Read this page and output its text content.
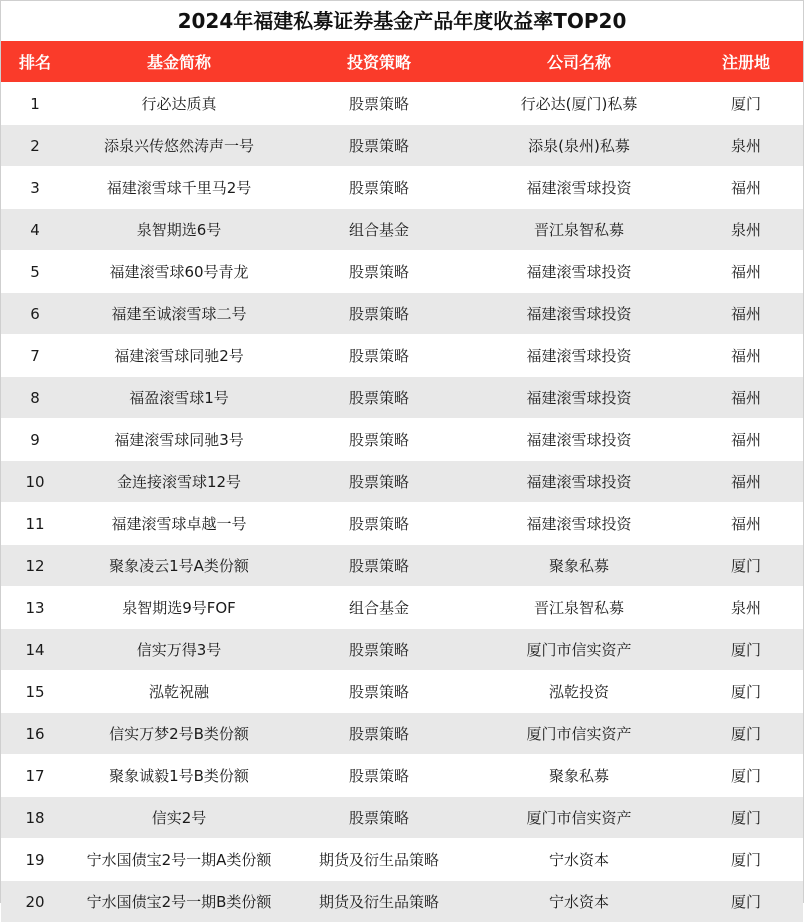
2024年福建私募证券基金产品年度收益率TOP20
排名	基金简称	投资策略	公司名称	注册地
1	行必达质真	股票策略	行必达(厦门)私募	厦门
2	添泉兴传悠然涛声一号	股票策略	添泉(泉州)私募	泉州
3	福建滚雪球千里马2号	股票策略	福建滚雪球投资	福州
4	泉智期选6号	组合基金	晋江泉智私募	泉州
5	福建滚雪球60号青龙	股票策略	福建滚雪球投资	福州
6	福建至诚滚雪球二号	股票策略	福建滚雪球投资	福州
7	福建滚雪球同驰2号	股票策略	福建滚雪球投资	福州
8	福盈滚雪球1号	股票策略	福建滚雪球投资	福州
9	福建滚雪球同驰3号	股票策略	福建滚雪球投资	福州
10	金连接滚雪球12号	股票策略	福建滚雪球投资	福州
11	福建滚雪球卓越一号	股票策略	福建滚雪球投资	福州
12	聚象凌云1号A类份额	股票策略	聚象私募	厦门
13	泉智期选9号FOF	组合基金	晋江泉智私募	泉州
14	信实万得3号	股票策略	厦门市信实资产	厦门
15	泓乾祝融	股票策略	泓乾投资	厦门
16	信实万梦2号B类份额	股票策略	厦门市信实资产	厦门
17	聚象诚毅1号B类份额	股票策略	聚象私募	厦门
18	信实2号	股票策略	厦门市信实资产	厦门
19	宁水国债宝2号一期A类份额	期货及衍生品策略	宁水资本	厦门
20	宁水国债宝2号一期B类份额	期货及衍生品策略	宁水资本	厦门
